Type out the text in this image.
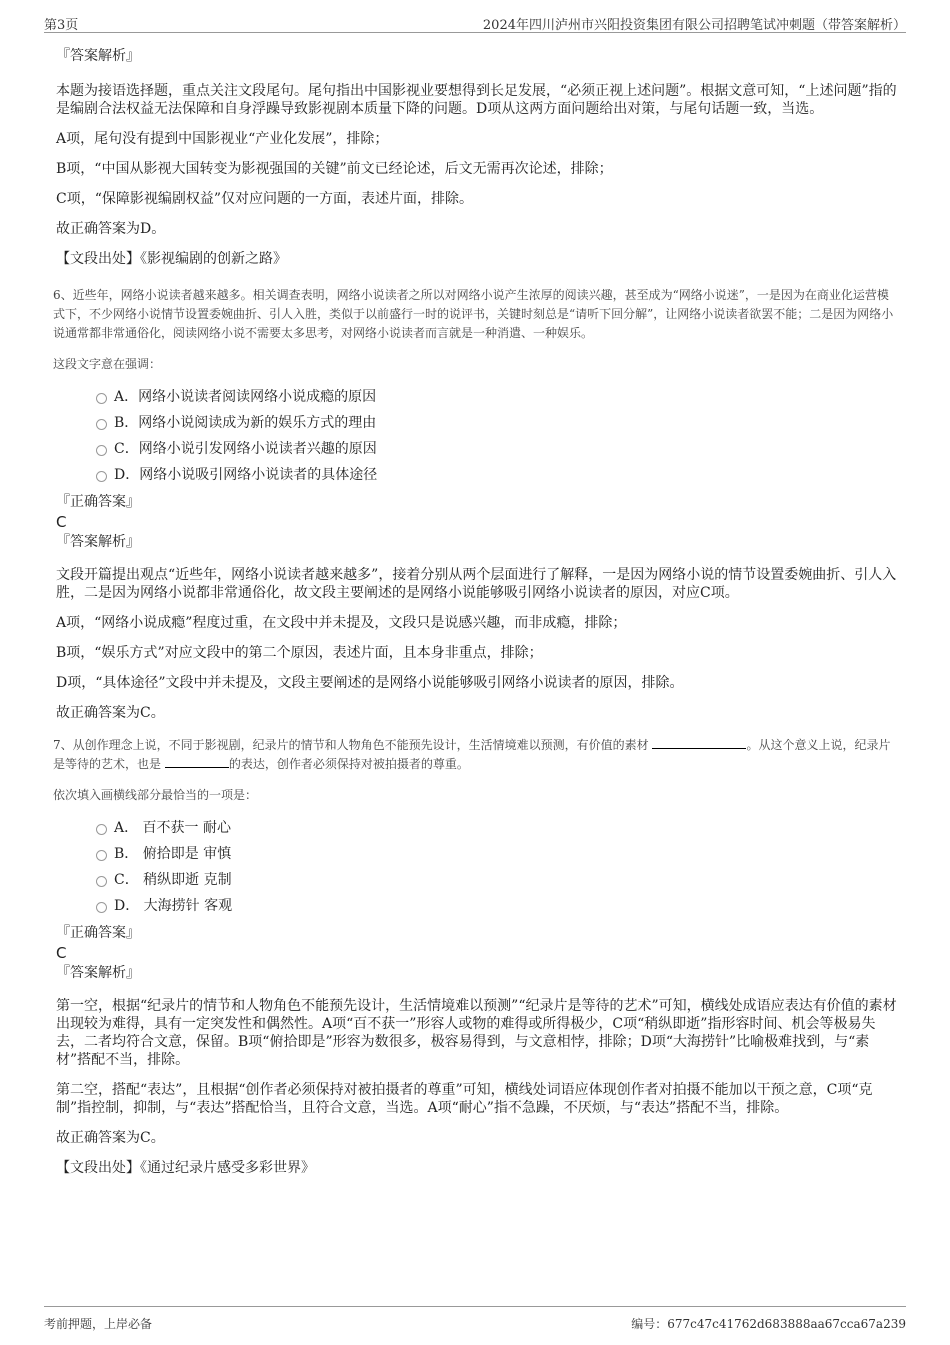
第3页	2024年四川泸州市兴阳投资集团有限公司招聘笔试冲刺题（带答案解析）

『答案解析』

本题为接语选择题，重点关注文段尾句。尾句指出中国影视业要想得到长足发展，“必须正视上述问题”。根据文意可知，“上述问题”指的是编剧合法权益无法保障和自身浮躁导致影视剧本质量下降的问题。D项从这两方面问题给出对策，与尾句话题一致，当选。

A项，尾句没有提到中国影视业“产业化发展”，排除；

B项，“中国从影视大国转变为影视强国的关键”前文已经论述，后文无需再次论述，排除；

C项，“保障影视编剧权益”仅对应问题的一方面，表述片面，排除。

故正确答案为D。

【文段出处】《影视编剧的创新之路》

6、近些年，网络小说读者越来越多。相关调查表明，网络小说读者之所以对网络小说产生浓厚的阅读兴趣，甚至成为“网络小说迷”，一是因为在商业化运营模式下，不少网络小说情节设置委婉曲折、引人入胜，类似于以前盛行一时的说评书，关键时刻总是“请听下回分解”，让网络小说读者欲罢不能；二是因为网络小说通常都非常通俗化，阅读网络小说不需要太多思考，对网络小说读者而言就是一种消遣、一种娱乐。

这段文字意在强调：

A．网络小说读者阅读网络小说成瘾的原因
B．网络小说阅读成为新的娱乐方式的理由
C．网络小说引发网络小说读者兴趣的原因
D．网络小说吸引网络小说读者的具体途径

『正确答案』

C

『答案解析』

文段开篇提出观点“近些年，网络小说读者越来越多”，接着分别从两个层面进行了解释，一是因为网络小说的情节设置委婉曲折、引人入胜，二是因为网络小说都非常通俗化，故文段主要阐述的是网络小说能够吸引网络小说读者的原因，对应C项。

A项，“网络小说成瘾”程度过重，在文段中并未提及，文段只是说感兴趣，而非成瘾，排除；

B项，“娱乐方式”对应文段中的第二个原因，表述片面，且本身非重点，排除；

D项，“具体途径”文段中并未提及，文段主要阐述的是网络小说能够吸引网络小说读者的原因，排除。

故正确答案为C。

7、从创作理念上说，不同于影视剧，纪录片的情节和人物角色不能预先设计，生活情境难以预测，有价值的素材	。从这个意义上说，纪录片是等待的艺术，也是	的表达，创作者必须保持对被拍摄者的尊重。

依次填入画横线部分最恰当的一项是：

A． 百不获一 耐心
B． 俯拾即是 审慎
C． 稍纵即逝 克制
D． 大海捞针 客观

『正确答案』

C

『答案解析』

第一空，根据“纪录片的情节和人物角色不能预先设计，生活情境难以预测”“纪录片是等待的艺术”可知，横线处成语应表达有价值的素材出现较为难得，具有一定突发性和偶然性。A项“百不获一”形容人或物的难得或所得极少，C项“稍纵即逝”指形容时间、机会等极易失去，二者均符合文意，保留。B项“俯拾即是”形容为数很多，极容易得到，与文意相悖，排除；D项“大海捞针”比喻极难找到，与“素材”搭配不当，排除。

第二空，搭配“表达”，且根据“创作者必须保持对被拍摄者的尊重”可知，横线处词语应体现创作者对拍摄不能加以干预之意，C项“克制”指控制，抑制，与“表达”搭配恰当，且符合文意，当选。A项“耐心”指不急躁，不厌烦，与“表达”搭配不当，排除。

故正确答案为C。

【文段出处】《通过纪录片感受多彩世界》

考前押题，上岸必备	编号：677c47c41762d683888aa67cca67a239
